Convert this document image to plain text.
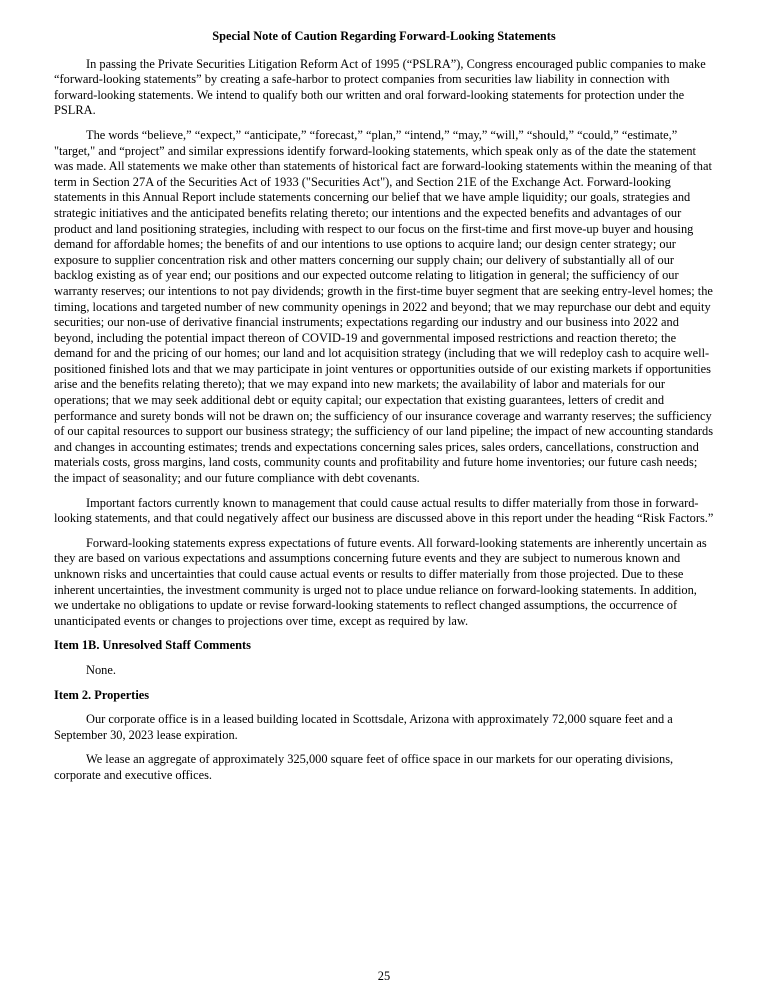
Special Note of Caution Regarding Forward-Looking Statements

In passing the Private Securities Litigation Reform Act of 1995 (“PSLRA”), Congress encouraged public companies to make “forward-looking statements” by creating a safe-harbor to protect companies from securities law liability in connection with forward-looking statements. We intend to qualify both our written and oral forward-looking statements for protection under the PSLRA.

The words “believe,” “expect,” “anticipate,” “forecast,” “plan,” “intend,” “may,” “will,” “should,” “could,” “estimate,” "target," and “project” and similar expressions identify forward-looking statements, which speak only as of the date the statement was made. All statements we make other than statements of historical fact are forward-looking statements within the meaning of that term in Section 27A of the Securities Act of 1933 ("Securities Act"), and Section 21E of the Exchange Act. Forward-looking statements in this Annual Report include statements concerning our belief that we have ample liquidity; our goals, strategies and strategic initiatives and the anticipated benefits relating thereto; our intentions and the expected benefits and advantages of our product and land positioning strategies, including with respect to our focus on the first-time and first move-up buyer and housing demand for affordable homes; the benefits of and our intentions to use options to acquire land; our design center strategy; our exposure to supplier concentration risk and other matters concerning our supply chain; our delivery of substantially all of our backlog existing as of year end; our positions and our expected outcome relating to litigation in general; the sufficiency of our warranty reserves; our intentions to not pay dividends; growth in the first-time buyer segment that are seeking entry-level homes; the timing, locations and targeted number of new community openings in 2022 and beyond; that we may repurchase our debt and equity securities; our non-use of derivative financial instruments; expectations regarding our industry and our business into 2022 and beyond, including the potential impact thereon of COVID-19 and governmental imposed restrictions and reaction thereto; the demand for and the pricing of our homes; our land and lot acquisition strategy (including that we will redeploy cash to acquire well-positioned finished lots and that we may participate in joint ventures or opportunities outside of our existing markets if opportunities arise and the benefits relating thereto); that we may expand into new markets; the availability of labor and materials for our operations; that we may seek additional debt or equity capital; our expectation that existing guarantees, letters of credit and performance and surety bonds will not be drawn on; the sufficiency of our insurance coverage and warranty reserves; the sufficiency of our capital resources to support our business strategy; the sufficiency of our land pipeline; the impact of new accounting standards and changes in accounting estimates; trends and expectations concerning sales prices, sales orders, cancellations, construction and materials costs, gross margins, land costs, community counts and profitability and future home inventories; our future cash needs; the impact of seasonality; and our future compliance with debt covenants.

Important factors currently known to management that could cause actual results to differ materially from those in forward-looking statements, and that could negatively affect our business are discussed above in this report under the heading “Risk Factors.”

Forward-looking statements express expectations of future events. All forward-looking statements are inherently uncertain as they are based on various expectations and assumptions concerning future events and they are subject to numerous known and unknown risks and uncertainties that could cause actual events or results to differ materially from those projected. Due to these inherent uncertainties, the investment community is urged not to place undue reliance on forward-looking statements. In addition, we undertake no obligations to update or revise forward-looking statements to reflect changed assumptions, the occurrence of unanticipated events or changes to projections over time, except as required by law.

Item 1B. Unresolved Staff Comments

None.

Item 2. Properties

Our corporate office is in a leased building located in Scottsdale, Arizona with approximately 72,000 square feet and a September 30, 2023 lease expiration.

We lease an aggregate of approximately 325,000 square feet of office space in our markets for our operating divisions, corporate and executive offices.

25
